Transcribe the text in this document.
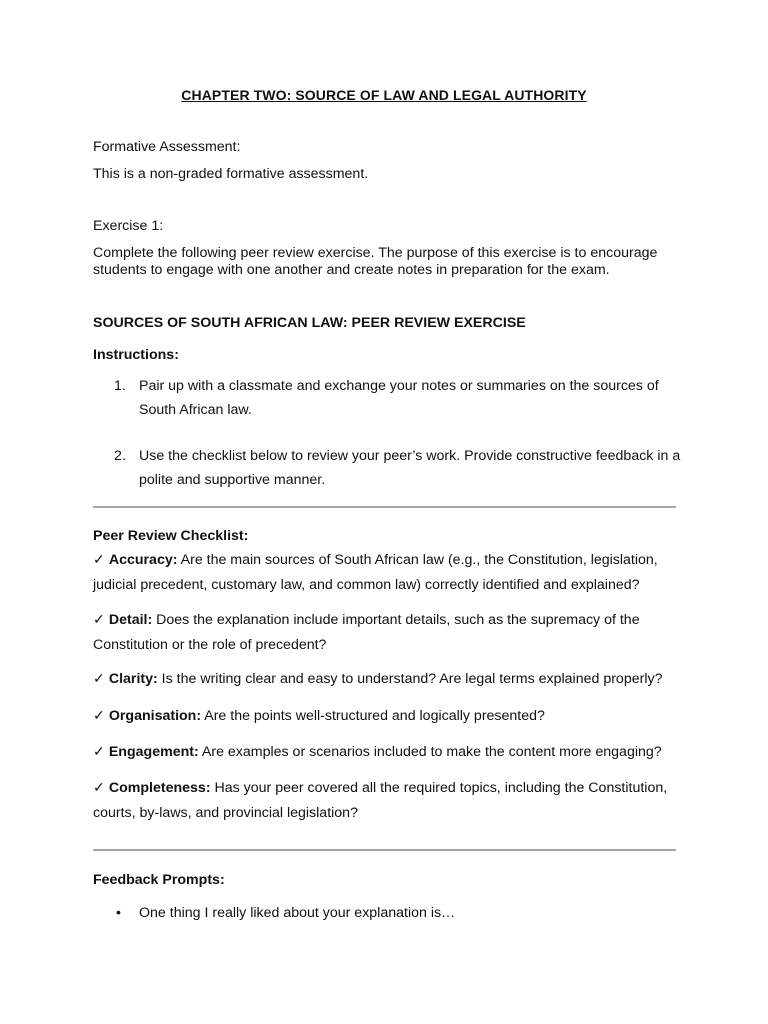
CHAPTER TWO: SOURCE OF LAW AND LEGAL AUTHORITY
Formative Assessment:
This is a non-graded formative assessment.
Exercise 1:
Complete the following peer review exercise. The purpose of this exercise is to encourage students to engage with one another and create notes in preparation for the exam.
SOURCES OF SOUTH AFRICAN LAW: PEER REVIEW EXERCISE
Instructions:
1. Pair up with a classmate and exchange your notes or summaries on the sources of South African law.
2. Use the checklist below to review your peer’s work. Provide constructive feedback in a polite and supportive manner.
Peer Review Checklist:
✓ Accuracy: Are the main sources of South African law (e.g., the Constitution, legislation, judicial precedent, customary law, and common law) correctly identified and explained?
✓ Detail: Does the explanation include important details, such as the supremacy of the Constitution or the role of precedent?
✓ Clarity: Is the writing clear and easy to understand? Are legal terms explained properly?
✓ Organisation: Are the points well-structured and logically presented?
✓ Engagement: Are examples or scenarios included to make the content more engaging?
✓ Completeness: Has your peer covered all the required topics, including the Constitution, courts, by-laws, and provincial legislation?
Feedback Prompts:
•	One thing I really liked about your explanation is…
